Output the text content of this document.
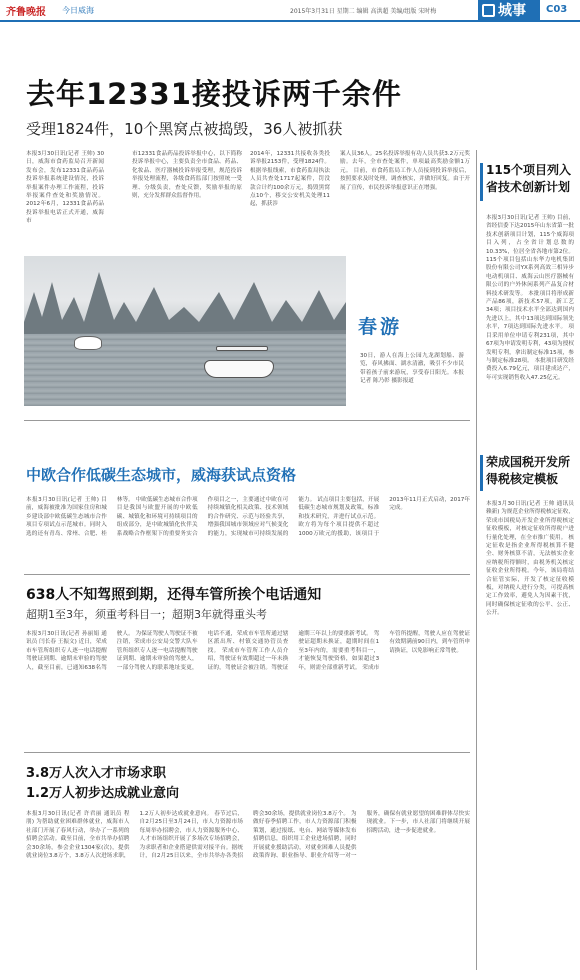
齐鲁晚报 今日威海	2015年3月31日 星期二 编辑 高洪超 美编/组版 宋时梅	城事	C03
去年12331接投诉两千余件
受理1824件，10个黑窝点被捣毁，36人被抓获
本报3月30日讯(记者 王帅) 30日，威海市食药监局召开新闻发布会，发布12331食品药品投诉举报系统建设情况，投诉举报案件办理工作流程，投诉举报案件查处和奖励情况。2012年6月，12331食品药品投诉举报电话正式开通，威海市
市12331食品药品投诉举报中心，以下简称投诉举报中心，主要负责全市食品、药品、化妆品、医疗器械投诉举报受理，规范投诉举报处理流程，各级食药监部门按照统一受理、分级负责，查处反馈，奖励举报的原则，充分发挥群众监督作用。
2014年，12331共接收各类投诉举报2153件，受理1824件。根据举报线索，市食药监局执法人员共查处1717起案件，罚没款合计约100余万元，捣毁黑窝点10个，移交公安机关处理11起，抓获涉
案人员36人。25名投诉举报有功人员共获3.2万元奖励。去年，全市查处案件，单项最高奖励金额1万元。 目前，市食药监局工作人员接到投诉举报后，按照要求及时处理，调查核实，并做好回复。由于开展了宣传，市民投诉举报意识正在增强。
115个项目列入省技术创新计划
本报3月30日讯(记者 王帅) 目前，省经信委下达2015年山东省第一批技术创新项目计划，115个威海项目入列，占全省计划总数的10.33%，位居全省各地市第2位。 115个项目包括山东华力电机集团股份有限公司YX系列高效三相异步电动机项目、威海云山医疗器械有限公司的户外休闲系列产品复合材料技术研发等。 本批项目将形成新产品86项，新技术57项，新工艺34项；项目技术水平全部达到国内先进以上，其中13项达到国际领先水平，7项达到国际先进水平。 项目采用单位申请专利231项，其中67项为申请发明专利，43项为授权发明专利，拿出制定标准15项，参与制定标准28项。 本批项目研发经费投入6.79亿元，项目建成达产，年可实现销售收入47.25亿元。
春游
30日，游人在海上公园九龙湖划船、游览，春风拂面、湖水清澈，吸引不少市民带着孩子前来游玩，享受春日阳光。本报记者 陈乃彰 摄影报道
中欧合作低碳生态城市，威海获试点资格
本报3月30日讯(记者 王帅) 目前，威海被批准为国家住房和城乡建设部中欧低碳生态城市合作项目专项试点示范城市。同时入选的还有青岛、常州、合肥、桂林等。 中欧低碳生态城市合作项目是我国与欧盟开展的中欧低碳、城镇化和环境可持续项目的组成部分，是中欧城镇化伙伴关系战略合作框架下的重要务实合作项目之一，主要通过中欧在可持续城镇化相关政策、技术领域的合作研究、示范与经验共享，增强我国城市领域应对气候变化的能力，实现城市可持续发展的能力。 试点项目主要包括，开展低碳生态城市规划及政策，标准和技术研究，并进行试点示范。 欧方将为每个项目提供不超过1000万欧元的援助，该项目于2013年11月正式启动，2017年完成。
荣成国税开发所得税核定模板
本报3月30日讯(记者 王帅 通讯员 赖新) 为规范企业所得税核定征收，荣成市国税局开发企业所得税核定征收模板，对核定征收所得税户进行量化处理，在全市推广使用。 核定征收是指企业所得税核算不健全、财务核算不清，无法核实企业应纳税所得额时，由税务机关核定征收企业所得税。今年，该局将结合征管实际，开发了核定征收模板，对纳税人进行分类，可提高核定工作效率，避免人为因素干扰，同时确保核定征收的公平、公正、公开。
638人不知驾照到期，还得车管所挨个电话通知
超期1至3年，须重考科目一；超期3年就得重头考
本报3月30日讯(记者 孙丽娟 通讯员 闫长春 王振文) 近日，荣成市车管所组织专人逐一电话提醒驾驶证到期、逾期未审验的驾驶人，截至目前，已通知638名驾驶人。 为保证驾驶人驾驶证不被注销，荣成市公安局交警大队车管所组织专人逐一电话提醒驾驶证到期、逾期未审验的驾驶人，一部分驾驶人的联系地址变更，电话不通，荣成市车管所通过辖区派出所、村镇交通协管员查找。 荣成市车管所工作人员介绍，驾驶证有效期超过一年未换证的，驾驶证会被注销。驾驶证逾期三年以上的要重新考试。 驾驶证超期未换证，超期时间在1至3年内的，需要重考科目一，才能恢复驾驶资格，如果超过3年，则需全部重新考试。 荣成市车管所提醒，驾驶人应在驾驶证有效期满前90日内，到车管所申请换证，以免影响正常驾驶。
3.8万人次入才市场求职
1.2万人初步达成就业意向
本报3月30日讯(记者 许君丽 通讯员 程朋) 为帮助就业困难群体就业，威海市人社部门开展了春风行动，举办了一系列的招聘会活动。截至目前，全市共举办招聘会30余场，参会企业1304家(次)，提供就业岗位3.8万个，3.8万人次进场求职，1.2万人初步达成就业意向。 春节过后，自2月25日至3月24日，市人力资源市场每周举办招聘会，市人力资源服务中心、人才市场组织开展了多场次专场招聘会，为求职者和企业搭建供需对接平台。据统计，自2月25日以来，全市共举办各类招聘会30余场，提供就业岗位3.8万个。 为做好春季招聘工作，市人力资源部门积极策划，通过报纸、电台、网站等媒体发布招聘信息，组织用工企业进场招聘，同时开展就业援助活动，对就业困难人员提供政策咨询、职业指导、职业介绍等一对一服务，确保有就业愿望的困难群体尽快实现就业。下一步，市人社部门将继续开展招聘活动，进一步促进就业。
